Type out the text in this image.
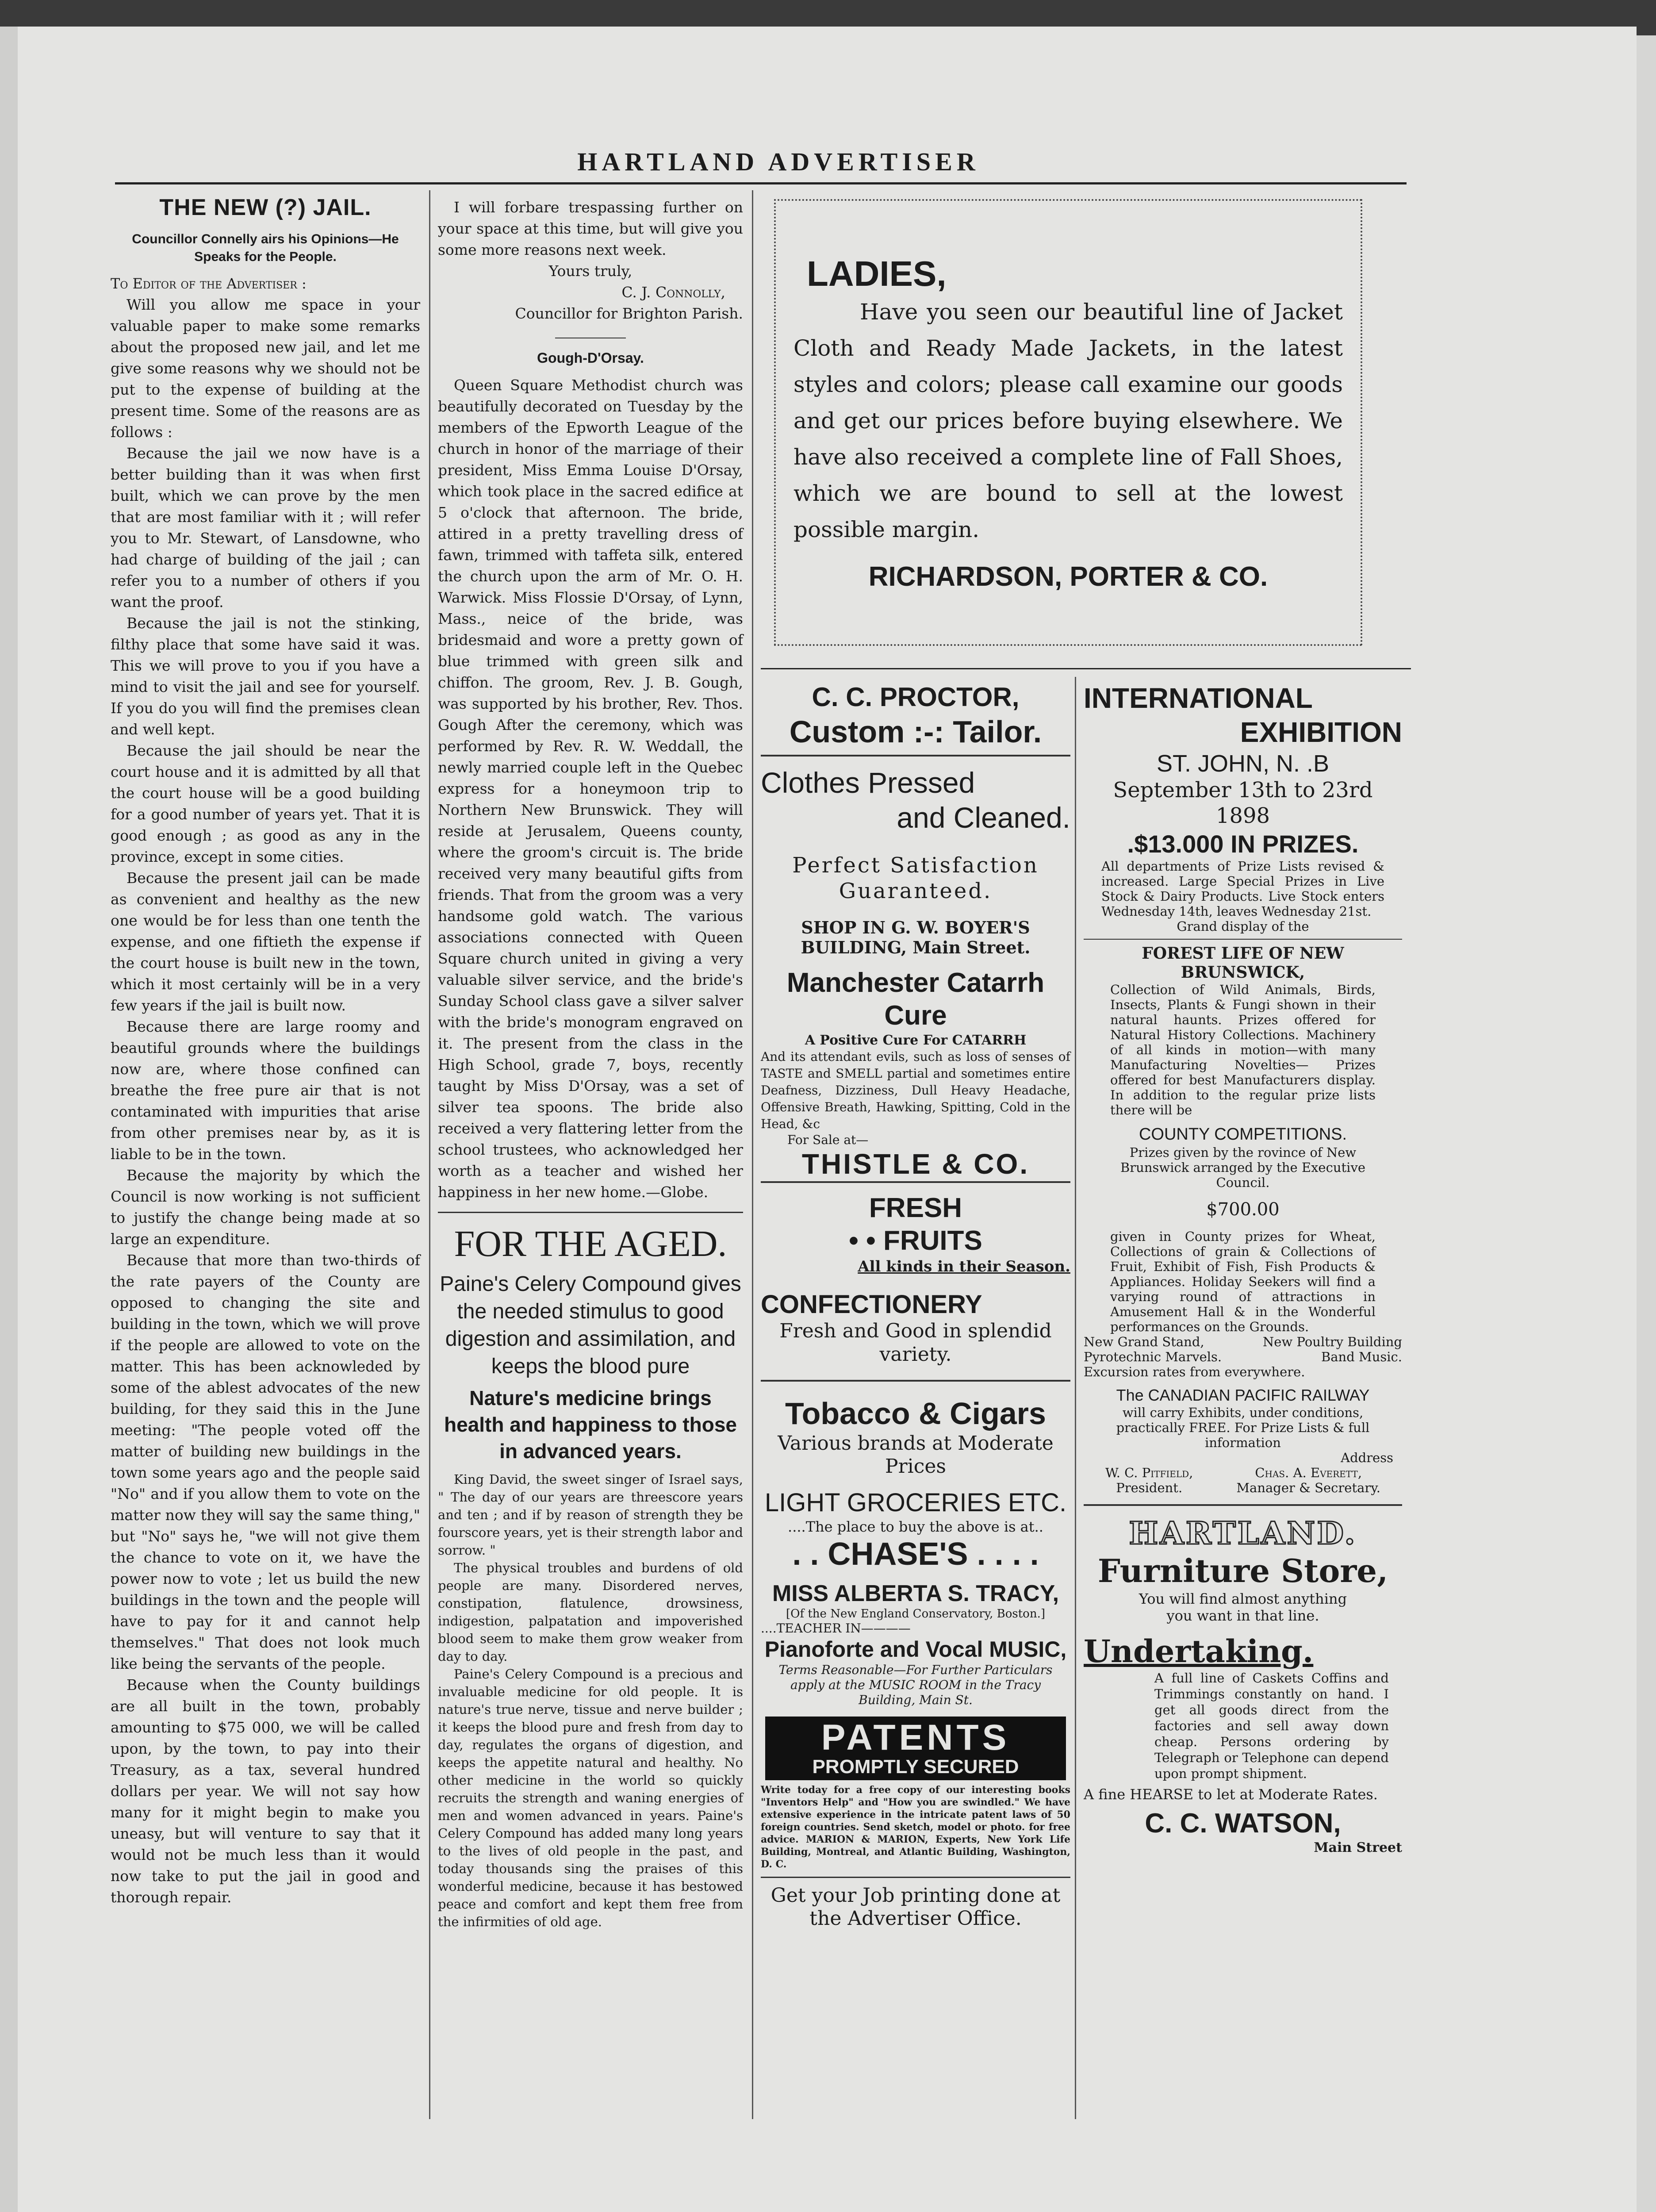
HARTLAND ADVERTISER
THE NEW (?) JAIL.
Councillor Connelly airs his Opinions—He Speaks for the People.
To Editor of the Advertiser :

Will you allow me space in your valuable paper to make some remarks about the proposed new jail, and let me give some reasons why we should not be put to the expense of building at the present time. Some of the reasons are as follows :

Because the jail we now have is a better building than it was when first built, which we can prove by the men that are most familiar with it ; will refer you to Mr. Stewart, of Lansdowne, who had charge of building of the jail ; can refer you to a number of others if you want the proof.

Because the jail is not the stinking, filthy place that some have said it was. This we will prove to you if you have a mind to visit the jail and see for yourself. If you do you will find the premises clean and well kept.

Because the jail should be near the court house and it is admitted by all that the court house will be a good building for a good number of years yet. That it is good enough ; as good as any in the province, except in some cities.

Because the present jail can be made as convenient and healthy as the new one would be for less than one tenth the expense, and one fiftieth the expense if the court house is built new in the town, which it most certainly will be in a very few years if the jail is built now.

Because there are large roomy and beautiful grounds where the buildings now are, where those confined can breathe the free pure air that is not contaminated with impurities that arise from other premises near by, as it is liable to be in the town.

Because the majority by which the Council is now working is not sufficient to justify the change being made at so large an expenditure.

Because that more than two-thirds of the rate payers of the County are opposed to changing the site and building in the town, which we will prove if the people are allowed to vote on the matter. This has been acknowleded by some of the ablest advocates of the new building, for they said this in the June meeting: "The people voted off the matter of building new buildings in the town some years ago and the people said "No" and if you allow them to vote on the matter now they will say the same thing," but "No" says he, "we will not give them the chance to vote on it, we have the power now to vote ; let us build the new buildings in the town and the people will have to pay for it and cannot help themselves." That does not look much like being the servants of the people.

Because when the County buildings are all built in the town, probably amounting to $75 000, we will be called upon, by the town, to pay into their Treasury, as a tax, several hundred dollars per year. We will not say how many for it might begin to make you uneasy, but will venture to say that it would not be much less than it would now take to put the jail in good and thorough repair.

I will forbare trespassing further on your space at this time, but will give you some more reasons next week.

Yours truly,
C. J. Connolly,
Councillor for Brighton Parish.
Gough-D'Orsay.

Queen Square Methodist church was beautifully decorated on Tuesday by the members of the Epworth League of the church in honor of the marriage of their president, Miss Emma Louise D'Orsay, which took place in the sacred edifice at 5 o'clock that afternoon. The bride, attired in a pretty travelling dress of fawn, trimmed with taffeta silk, entered the church upon the arm of Mr. O. H. Warwick. Miss Flossie D'Orsay, of Lynn, Mass., neice of the bride, was bridesmaid and wore a pretty gown of blue trimmed with green silk and chiffon. The groom, Rev. J. B. Gough, was supported by his brother, Rev. Thos. Gough After the ceremony, which was performed by Rev. R. W. Weddall, the newly married couple left in the Quebec express for a honeymoon trip to Northern New Brunswick. They will reside at Jerusalem, Queens county, where the groom's circuit is. The bride received very many beautiful gifts from friends. That from the groom was a very handsome gold watch. The various associations connected with Queen Square church united in giving a very valuable silver service, and the bride's Sunday School class gave a silver salver with the bride's monogram engraved on it. The present from the class in the High School, grade 7, boys, recently taught by Miss D'Orsay, was a set of silver tea spoons. The bride also received a very flattering letter from the school trustees, who acknowledged her worth as a teacher and wished her happiness in her new home.—Globe.

FOR THE AGED.
Paine's Celery Compound gives the needed stimulus to good digestion and assimilation, and keeps the blood pure
Nature's medicine brings health and happiness to those in advanced years.

King David, the sweet singer of Israel says, " The day of our years are threescore years and ten ; and if by reason of strength they be fourscore years, yet is their strength labor and sorrow. "

The physical troubles and burdens of old people are many. Disordered nerves, constipation, flatulence, drowsiness, indigestion, palpatation and impoverished blood seem to make them grow weaker from day to day.

Paine's Celery Compound is a precious and invaluable medicine for old people. It is nature's true nerve, tissue and nerve builder ; it keeps the blood pure and fresh from day to day, regulates the organs of digestion, and keeps the appetite natural and healthy. No other medicine in the world so quickly recruits the strength and waning energies of men and women advanced in years. Paine's Celery Compound has added many long years to the lives of old people in the past, and today thousands sing the praises of this wonderful medicine, because it has bestowed peace and comfort and kept them free from the infirmities of old age.

LADIES,
Have you seen our beautiful line of Jacket Cloth and Ready Made Jackets, in the latest styles and colors; please call examine our goods and get our prices before buying elsewhere. We have also received a complete line of Fall Shoes, which we are bound to sell at the lowest possible margin.
RICHARDSON, PORTER & CO.
C. C. PROCTOR,
Custom :-: Tailor.
Clothes Pressed
and Cleaned.
Perfect Satisfaction Guaranteed.
SHOP IN G. W. BOYER'S BUILDING, Main Street.
Manchester Catarrh Cure
A Positive Cure For CATARRH
And its attendant evils, such as loss of senses of TASTE and SMELL partial and sometimes entire Deafness, Dizziness, Dull Heavy Headache, Offensive Breath, Hawking, Spitting, Cold in the Head, &c
For Sale at—
THISTLE & CO.
FRESH
• • FRUITS
All kinds in their Season.
CONFECTIONERY
Fresh and Good in splendid variety.
Tobacco & Cigars
Various brands at Moderate Prices
LIGHT GROCERIES ETC.
....The place to buy the above is at..
. . CHASE'S . . . .
MISS ALBERTA S. TRACY,
[Of the New England Conservatory, Boston.]
....TEACHER IN————
Pianoforte and Vocal MUSIC,
Terms Reasonable—For Further Particulars apply at the MUSIC ROOM in the Tracy Building, Main St.
PATENTS
PROMPTLY SECURED
Write today for a free copy of our interesting books "Inventors Help" and "How you are swindled." We have extensive experience in the intricate patent laws of 50 foreign countries. Send sketch, model or photo. for free advice. MARION & MARION, Experts, New York Life Building, Montreal, and Atlantic Building, Washington, D. C.
Get your Job printing done at the Advertiser Office.
INTERNATIONAL
EXHIBITION
ST. JOHN, N. .B
September 13th to 23rd 1898
.$13.000 IN PRIZES.
All departments of Prize Lists revised & increased. Large Special Prizes in Live Stock & Dairy Products. Live Stock enters Wednesday 14th, leaves Wednesday 21st.
Grand display of the
FOREST LIFE OF NEW BRUNSWICK,
Collection of Wild Animals, Birds, Insects, Plants & Fungi shown in their natural haunts. Prizes offered for Natural History Collections. Machinery of all kinds in motion—with many Manufacturing Novelties— Prizes offered for best Manufacturers display. In addition to the regular prize lists there will be
COUNTY COMPETITIONS.
Prizes given by the rovince of New Brunswick arranged by the Executive Council.
$700.00
given in County prizes for Wheat, Collections of grain & Collections of Fruit, Exhibit of Fish, Fish Products & Appliances. Holiday Seekers will find a varying round of attractions in Amusement Hall & in the Wonderful performances on the Grounds.
New Grand Stand,	New Poultry Building
Pyrotechnic Marvels.	Band Music.
Excursion rates from everywhere.
The CANADIAN PACIFIC RAILWAY
will carry Exhibits, under conditions, practically FREE. For Prize Lists & full information
Address
W. C. Pitfield,
President.
Chas. A. Everett,
Manager & Secretary.
HARTLAND.
Furniture Store,
You will find almost anything you want in that line.
Undertaking.
A full line of Caskets Coffins and Trimmings constantly on hand. I get all goods direct from the factories and sell away down cheap. Persons ordering by Telegraph or Telephone can depend upon prompt shipment.
A fine HEARSE to let at Moderate Rates.
C. C. WATSON,
Main Street
